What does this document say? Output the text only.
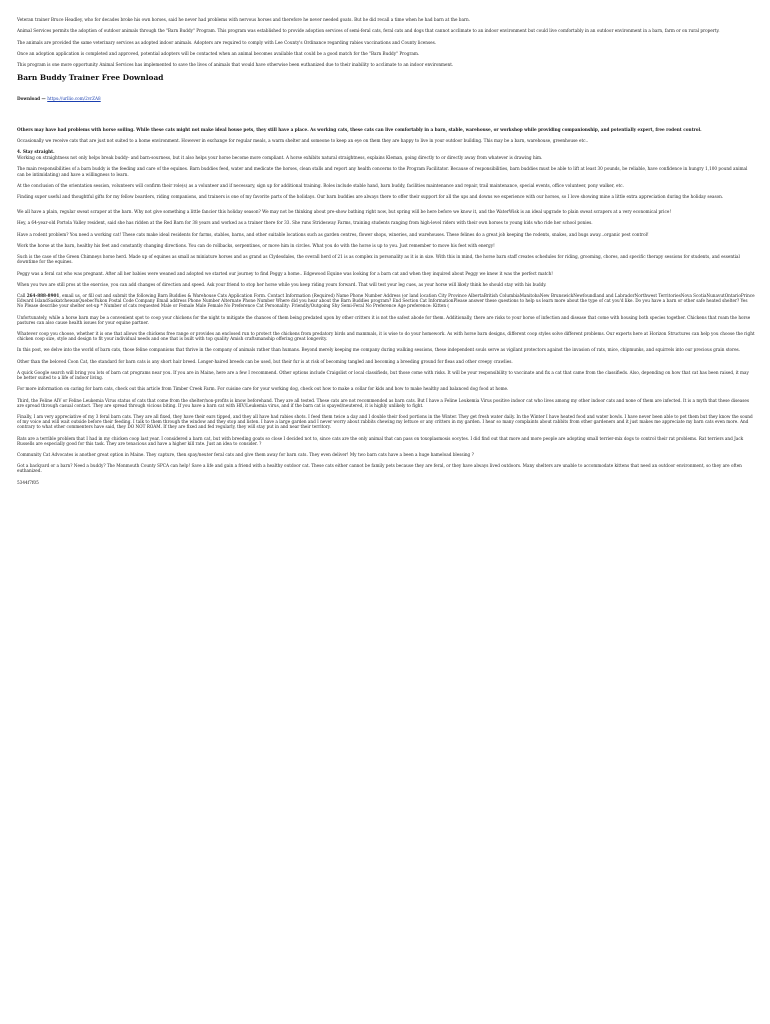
Veteran trainer Bruce Headley, who for decades broke his own horses, said he never had problems with nervous horses and therefore he never needed goats. But he did recall a time when he had barn at the barn.

Animal Services permits the adoption of outdoor animals through the "Barn Buddy" Program. This program was established to provide adoption services of semi-feral cats, feral cats and dogs that cannot acclimate to an indoor environment but could live comfortably in an outdoor environment in a barn, farm or on rural property.

The animals are provided the same veterinary services as adopted indoor animals. Adopters are required to comply with Lee County's Ordinance regarding rabies vaccinations and County licenses.

Once an adoption application is completed and approved, potential adopters will be contacted when an animal becomes available that could be a good match for the "Barn Buddy" Program.

This program is one more opportunity Animal Services has implemented to save the lives of animals that would have otherwise been euthanized due to their inability to acclimate to an indoor environment.

Barn Buddy Trainer Free Download

Download — https://urllio.com/2vrZA8

Others may have had problems with horse soiling. While these cats might not make ideal house pets, they still have a place. As working cats, these cats can live comfortably in a barn, stable, warehouse, or workshop while providing companionship, and potentially expert, free rodent control.

Occasionally we receive cats that are just not suited to a home environment. However in exchange for regular meals, a warm shelter and someone to keep an eye on them they are happy to live in your outdoor building. This may be a barn, warehouse, greenhouse etc..

4. Stay straight.

Working on straightness not only helps break buddy- and barn-sourness, but it also helps your horse become more compliant. A horse exhibits natural straightness, explains Kleman, going directly to or directly away from whatever is drawing him.

The main responsibilities of a barn buddy is the feeding and care of the equines. Barn buddies feed, water and medicate the horses, clean stalls and report any health concerns to the Program Facilitator. Because of responsibilities, barn buddies must be able to lift at least 30 pounds, be reliable, have confidence in hungry 1,100 pound animal can be intimidating) and have a willingness to learn.

At the conclusion of the orientation session, volunteers will confirm their role(s) as a volunteer and if necessary, sign up for additional training. Roles include stable hand, barn buddy, facilities maintenance and repair, trail maintenance, special events, office volunteer, pony walker, etc.

Finding super useful and thoughtful gifts for my fellow boarders, riding companions, and trainers is one of my favorite parts of the holidays. Our barn buddies are always there to offer their support for all the ups and downs we experience with our horses, so I love showing mine a little extra appreciation during the holiday season.

We all have a plain, regular sweat scraper at the barn. Why not give something a little fancier this holiday season? We may not be thinking about pre-show bathing right now, but spring will be here before we know it, and the WaterWisk is an ideal upgrade to plain sweat scrapers at a very economical price!

Hey, a 64-year-old Portola Valley resident, said she has ridden at the Red Barn for 38 years and worked as a trainer there for 33. She runs Stridesway Farms, training students ranging from high-level riders with their own horses to young kids who ride her school ponies.

Have a rodent problem? You need a working cat! These cats make ideal residents for farms, stables, barns, and other suitable locations such as garden centres, flower shops, wineries, and warehouses. These felines do a great job keeping the rodents, snakes, and bugs away...organic pest control!

Work the horse at the barn, healthy his feet and constantly changing directions. You can do rollbacks, serpentines, or move him in circles. What you do with the horse is up to you. Just remember to move his feet with energy!

Such is the case of the Green Chimneys horse herd. Made up of equines as small as miniature horses and as grand as Clydesdales, the overall herd of 21 is as complex in personality as it is in size. With this in mind, the horse barn staff creates schedules for riding, grooming, chores, and specific therapy sessions for students, and essential downtime for the equines.

Peggy was a feral cat who was pregnant. After all her babies were weaned and adopted we started our journey to find Peggy a home.. Edgewood Equine was looking for a barn cat and when they inquired about Peggy we knew it was the perfect match!

When you two are still pros at the exercise, you can add changes of direction and speed. Ask your friend to stop her horse while you keep riding yours forward. That will test your leg cues, as your horse will likely think he should stay with his buddy.

Call 264-888-8901, email us, or fill out and submit the following Barn Buddies & Warehouse Cats Application Form. Contact Information (Required) Name Phone Number Address (or land location City Province AlbertaBritish ColumbiaManitobaNew BrunswickNewfoundland and LabradorNorthwest TerritoriesNova ScotiaNunavutOntarioPrince Edward IslandSaskatchewanQuebecYukon Postal Code Company Email address Phone Number Alternate Phone Number Where did you hear about the Barn Buddies program? End Section Cat InformationPlease answer these questions to help us learn more about the type of cat you'd like. Do you have a barn or other safe heated shelter? Yes No Please describe your shelter set-up * Number of cats requested Male or Female Male Female No Preference Cat Personality: Friendly/Outgoing Shy Semi-Feral No Preference Age preference: Kitten (

Unfortunately, while a horse barn may be a convenient spot to coop your chickens for the night to mitigate the chances of them being predated upon by other critters it is not the safest abode for them. Additionally, there are risks to your horse of infection and disease that come with housing both species together. Chickens that roam the horse pastures can also cause health issues for your equine partner.

Whatever coop you choose, whether it is one that allows the chickens free range or provides an enclosed run to protect the chickens from predatory birds and mammals, it is wise to do your homework. As with horse barn designs, different coop styles solve different problems. Our experts here at Horizon Structures can help you choose the right chicken coop size, style and design to fit your individual needs and one that is built with top quality Amish craftsmanship offering great longevity.

In this post, we delve into the world of barn cats, those feline companions that thrive in the company of animals rather than humans. Beyond merely keeping me company during walking sessions, these independent souls serve as vigilant protectors against the invasion of rats, mice, chipmunks, and squirrels into our precious grain stores.

Other than the beloved Coon Cat, the standard for barn cats is any short hair breed. Longer-haired breeds can be used, but their fur is at risk of becoming tangled and becoming a breeding ground for fleas and other creepy crawlies.

A quick Google search will bring you lots of barn cat programs near you. If you are in Maine, here are a few I recommend. Other options include Craigslist or local classifieds, but those come with risks. It will be your responsibility to vaccinate and fix a cat that came from the classifieds. Also, depending on how that cat has been raised, it may be better suited to a life of indoor living.

For more information on caring for barn cats, check out this article from Timber Creek Farm. For cuisine care for your working dog, check out how to make a collar for kids and how to make healthy and balanced dog food at home.

Third, the Feline AIV or Feline Leukemia Virus status of cats that come from the shelter/non-profits is know beforehand. They are all tested. These cats are not recommended as barn cats. But I have a Feline Leukemia Virus positive indoor cat who lives among my other indoor cats and none of them are infected. It is a myth that these diseases are spread through casual contact. They are spread through vicious biting. If you have a barn cat with HIV/Leukemia virus, and if the barn cat is spayed/neutered, it is highly unlikely to fight.

Finally, I am very appreciative of my 3 feral barn cats. They are all fixed, they have their ears tipped, and they all have had rabies shots. I feed them twice a day and I double their food portions in the Winter. They get fresh water daily. In the Winter I have heated food and water bowls. I have never been able to pet them but they know the sound of my voice and will wait outside before their feeding. I talk to them through the window and they stop and listen. I have a large garden and I never worry about rabbits chewing my lettuce or any critters in my garden. I hear so many complaints about rabbits from other gardeners and it just makes me appreciate my barn cats even more. And contrary to what other commenters have said, they DO NOT ROAM. If they are fixed and fed regularly, they will stay put in and near their territory.

Rats are a terrible problem that I had in my chicken coop last year. I considered a barn cat, but with breeding goats so close I decided not to, since cats are the only animal that can pass on toxoplasmosis oocytes. I did find out that more and more people are adopting small terrier-mix dogs to control their rat problems. Rat terriers and Jack Russells are especially good for this task. They are tenacious and have a higher kill rate. Just an idea to consider. ?

Community Cat Advocates is another great option in Maine. They capture, then spay/neuter feral cats and give them away for barn cats. They even deliver! My two barn cats have a been a huge hameload blessing ?

Got a backyard or a barn? Need a buddy? The Monmouth County SPCA can help! Save a life and gain a friend with a healthy outdoor cat. These cats either cannot be family pets because they are feral, or they have always lived outdoors. Many shelters are unable to accommodate kittens that need an outdoor environment, so they are often euthanized.

5344f7f05
